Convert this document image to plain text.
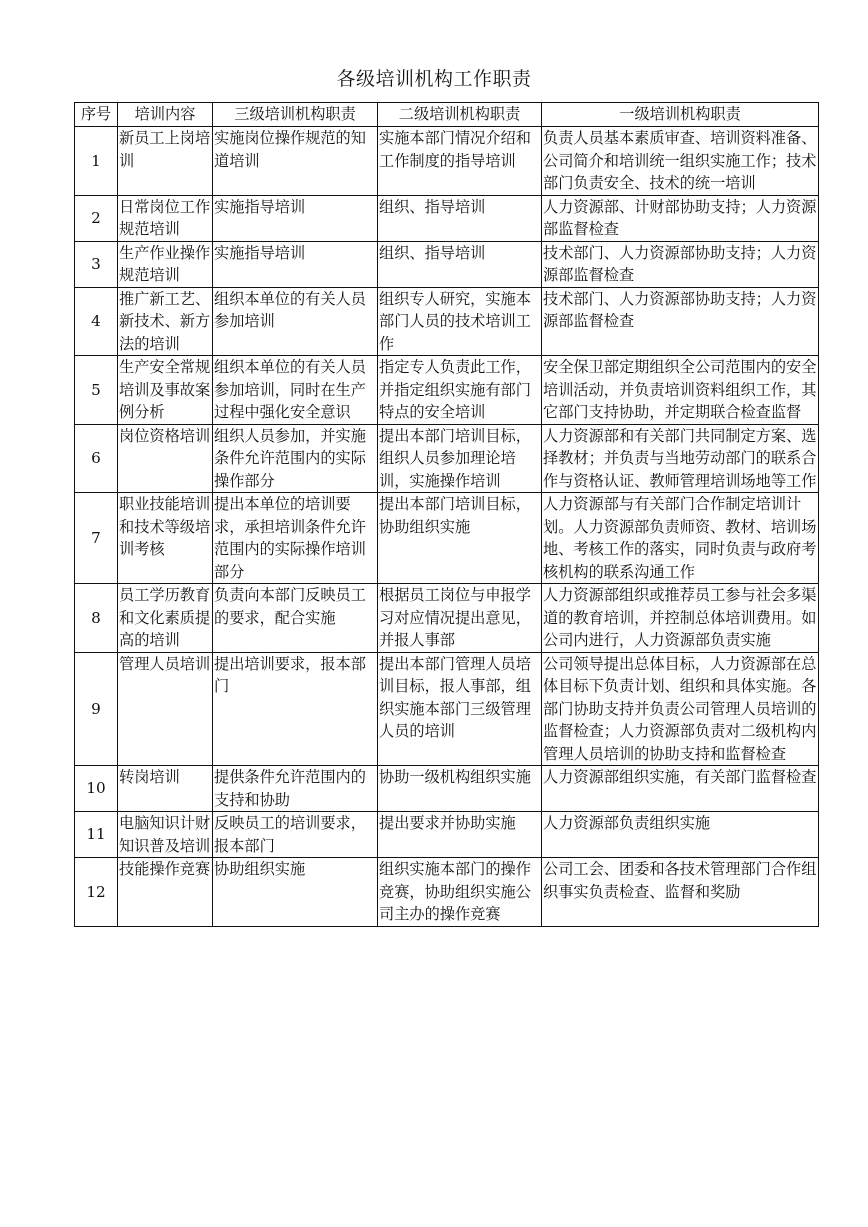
各级培训机构工作职责
序号	培训内容	三级培训机构职责	二级培训机构职责	一级培训机构职责
1	新员工上岗培训	实施岗位操作规范的知道培训	实施本部门情况介绍和工作制度的指导培训	负责人员基本素质审查、培训资料准备、公司简介和培训统一组织实施工作；技术部门负责安全、技术的统一培训
2	日常岗位工作规范培训	实施指导培训	组织、指导培训	人力资源部、计财部协助支持；人力资源部监督检查
3	生产作业操作规范培训	实施指导培训	组织、指导培训	技术部门、人力资源部协助支持；人力资源部监督检查
4	推广新工艺、新技术、新方法的培训	组织本单位的有关人员参加培训	组织专人研究，实施本部门人员的技术培训工作	技术部门、人力资源部协助支持；人力资源部监督检查
5	生产安全常规培训及事故案例分析	组织本单位的有关人员参加培训，同时在生产过程中强化安全意识	指定专人负责此工作，并指定组织实施有部门特点的安全培训	安全保卫部定期组织全公司范围内的安全培训活动，并负责培训资料组织工作，其它部门支持协助，并定期联合检查监督
6	岗位资格培训	组织人员参加，并实施条件允许范围内的实际操作部分	提出本部门培训目标，组织人员参加理论培训，实施操作培训	人力资源部和有关部门共同制定方案、选择教材；并负责与当地劳动部门的联系合作与资格认证、教师管理培训场地等工作
7	职业技能培训和技术等级培训考核	提出本单位的培训要求，承担培训条件允许范围内的实际操作培训部分	提出本部门培训目标，协助组织实施	人力资源部与有关部门合作制定培训计划。人力资源部负责师资、教材、培训场地、考核工作的落实，同时负责与政府考核机构的联系沟通工作
8	员工学历教育和文化素质提高的培训	负责向本部门反映员工的要求，配合实施	根据员工岗位与申报学习对应情况提出意见，并报人事部	人力资源部组织或推荐员工参与社会多渠道的教育培训，并控制总体培训费用。如公司内进行，人力资源部负责实施
9	管理人员培训	提出培训要求，报本部门	提出本部门管理人员培训目标，报人事部，组织实施本部门三级管理人员的培训	公司领导提出总体目标，人力资源部在总体目标下负责计划、组织和具体实施。各部门协助支持并负责公司管理人员培训的监督检查；人力资源部负责对二级机构内管理人员培训的协助支持和监督检查
10	转岗培训	提供条件允许范围内的支持和协助	协助一级机构组织实施	人力资源部组织实施，有关部门监督检查
11	电脑知识计财知识普及培训	反映员工的培训要求，报本部门	提出要求并协助实施	人力资源部负责组织实施
12	技能操作竞赛	协助组织实施	组织实施本部门的操作竞赛，协助组织实施公司主办的操作竞赛	公司工会、团委和各技术管理部门合作组织事实负责检查、监督和奖励
